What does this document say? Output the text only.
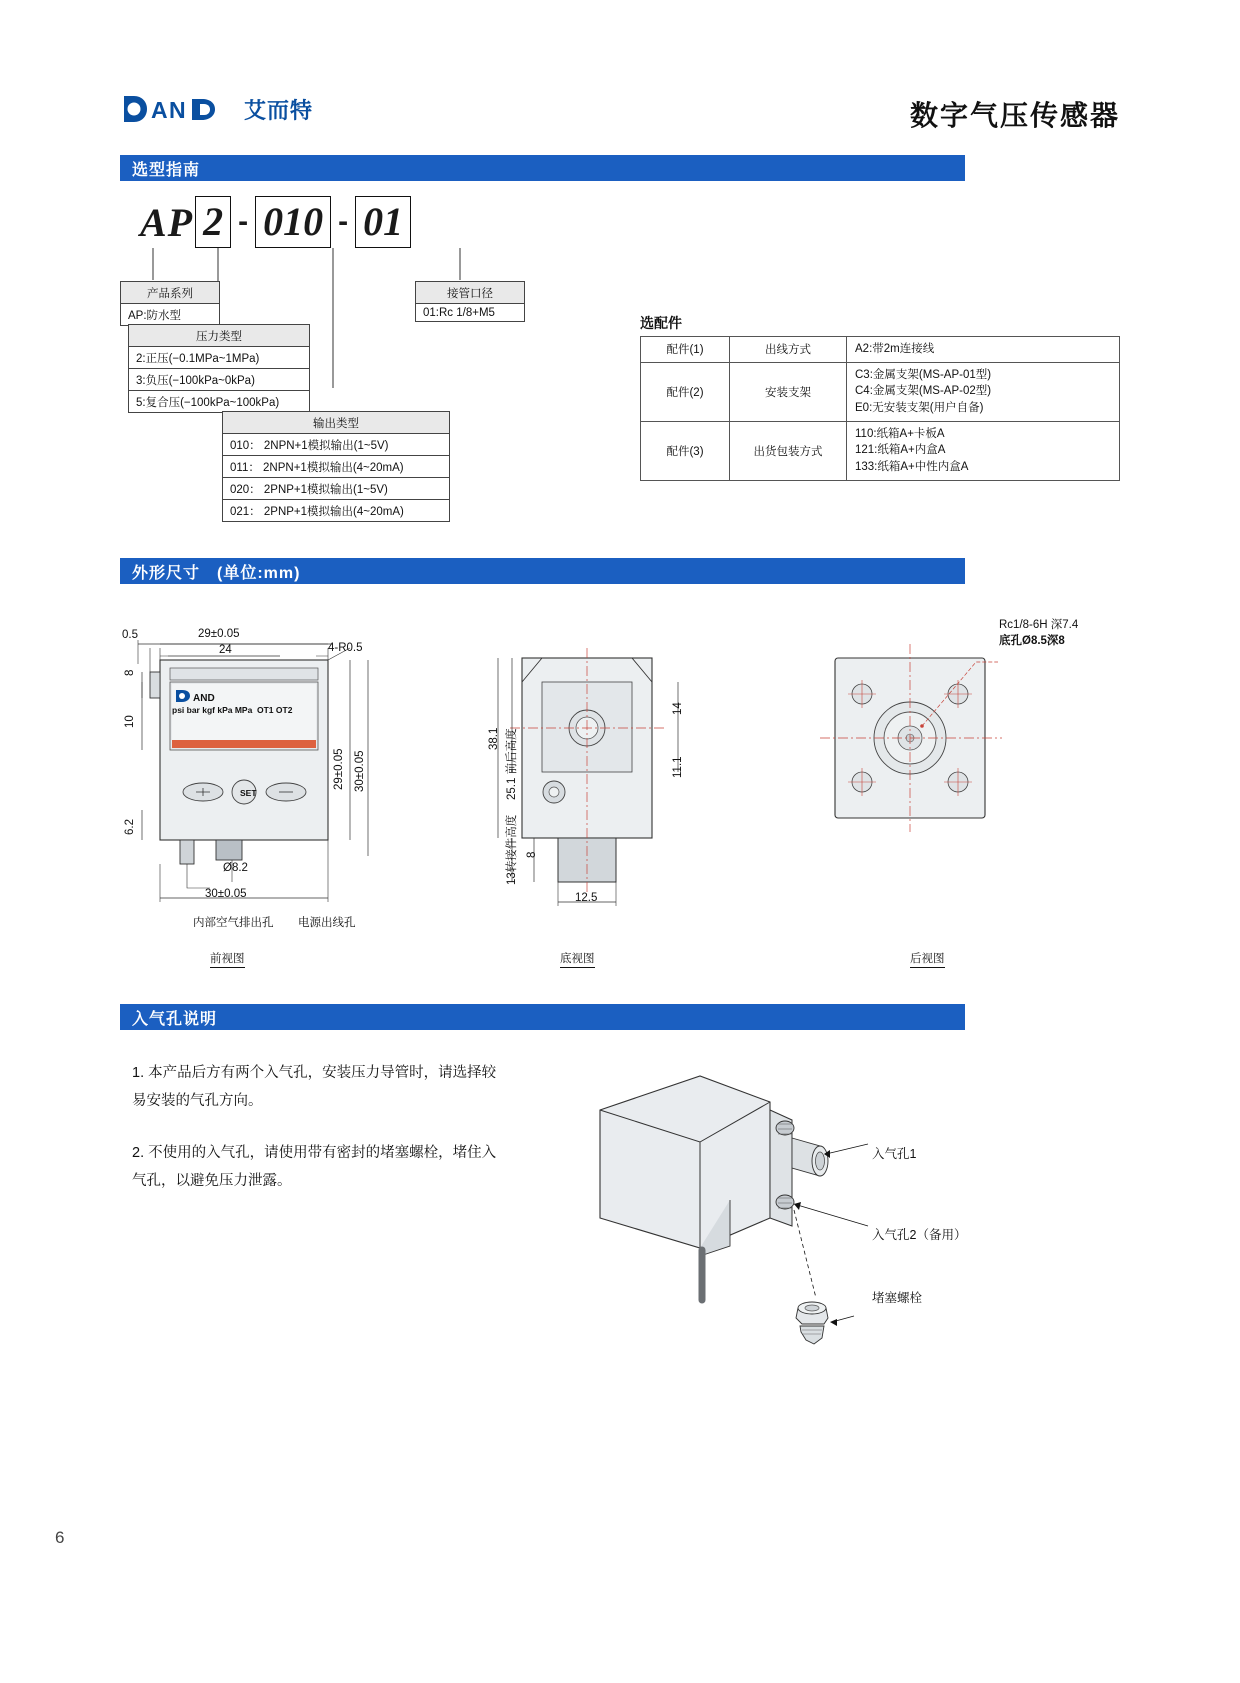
A N	艾而特	数字气压传感器
选型指南
AP 2 - 010 - 01
产品系列
AP:防水型
压力类型
2:正压(−0.1MPa~1MPa)
3:负压(−100kPa~0kPa)
5:复合压(−100kPa~100kPa)
输出类型
010： 2NPN+1模拟输出(1~5V)
011： 2NPN+1模拟输出(4~20mA)
020： 2PNP+1模拟输出(1~5V)
021： 2PNP+1模拟输出(4~20mA)
接管口径
01:Rc 1/8+M5
选配件
配件(1)	出线方式	A2:带2m连接线

配件(2)	安装支架	C3:金属支架(MS-AP-01型)
C4:金属支架(MS-AP-02型)
E0:无安装支架(用户自备)

配件(3)	出货包装方式	110:纸箱A+卡板A
121:纸箱A+内盒A
133:纸箱A+中性内盒A
外形尺寸　(单位:mm)
AND
psi bar kgf kPa MPa OT1 OT2
SET
0.5	29±0.05
24	4-R0.5
8
10
6.2
29±0.05 30±0.05
Ø8.2
30±0.05
内部空气排出孔 电源出线孔
前视图
38.1 25.1 前后高度
13转接件高度 8
14
11.1
12.5
底视图
Rc1/8-6H 深7.4
底孔Ø8.5深8
后视图
入气孔说明
1. 本产品后方有两个入气孔，安装压力导管时，请选择较易安装的气孔方向。
2. 不使用的入气孔，请使用带有密封的堵塞螺栓，堵住入气孔，以避免压力泄露。
入气孔1
入气孔2（备用）
堵塞螺栓
6
